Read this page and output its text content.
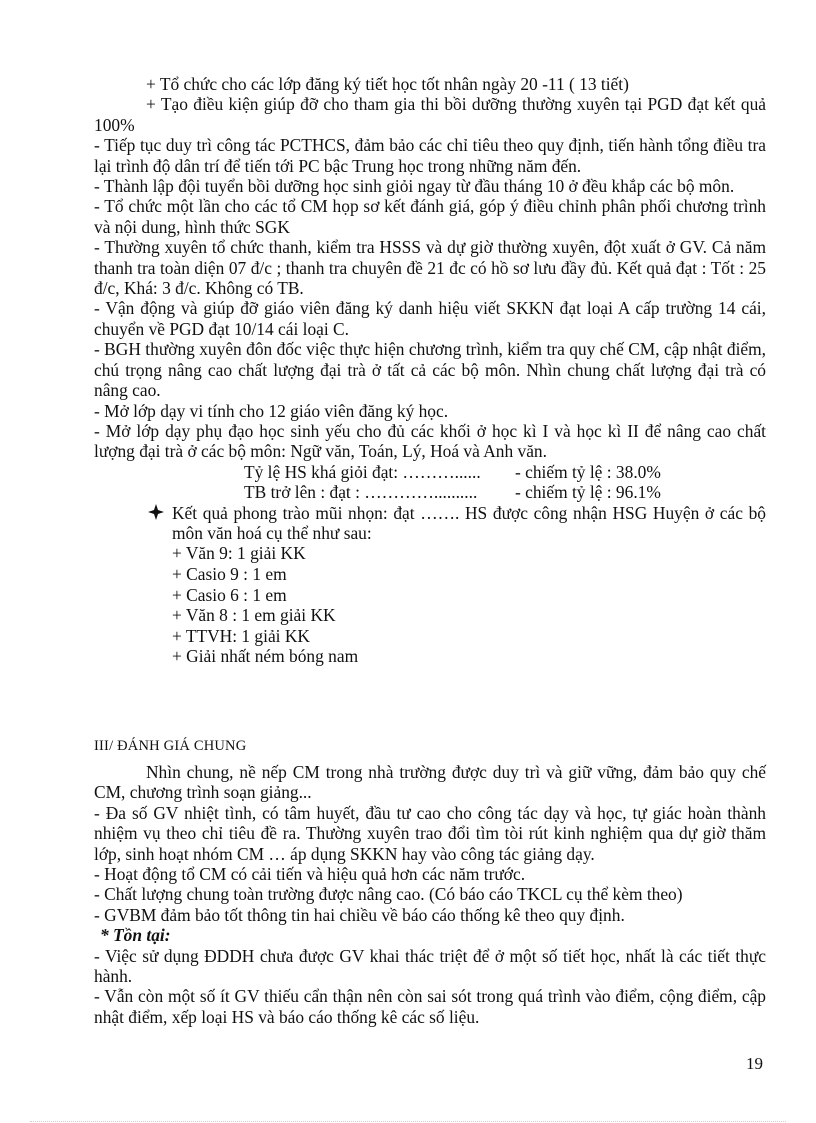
+ Tổ chức cho các lớp đăng ký tiết học tốt nhân ngày 20 -11 ( 13 tiết)

+ Tạo điều kiện giúp đỡ cho tham gia thi bồi dưỡng thường xuyên tại PGD đạt kết quả 100%

- Tiếp tục duy trì công tác PCTHCS, đảm bảo các chỉ tiêu theo quy định, tiến hành tổng điều tra lại trình độ dân trí để tiến tới PC bậc Trung học trong những năm đến.

- Thành lập đội tuyển bồi dưỡng học sinh giỏi ngay từ đầu tháng 10 ở đều khắp các bộ môn.

- Tổ chức một lần cho các tổ CM họp sơ kết đánh giá, góp ý điều chỉnh phân phối chương trình và nội dung, hình thức SGK

- Thường xuyên tổ chức thanh, kiểm tra HSSS và dự giờ thường xuyên, đột xuất ở GV. Cả năm thanh tra toàn diện 07 đ/c ; thanh tra chuyên đề 21 đc có hồ sơ lưu đầy đủ. Kết quả đạt : Tốt : 25 đ/c, Khá: 3 đ/c. Không có TB.

- Vận động và giúp đỡ giáo viên đăng ký danh hiệu viết SKKN đạt loại A cấp trường 14 cái, chuyển về PGD đạt 10/14 cái loại C.

- BGH thường xuyên đôn đốc việc thực hiện chương trình, kiểm tra quy chế CM, cập nhật điểm, chú trọng nâng cao chất lượng đại trà ở tất cả các bộ môn. Nhìn chung chất lượng đại trà có nâng cao.

- Mở lớp dạy vi tính cho 12 giáo viên đăng ký học.

- Mở lớp dạy phụ đạo học sinh yếu cho đủ các khối ở học kì I và học kì II để nâng cao chất lượng đại trà ở các bộ môn: Ngữ văn, Toán, Lý, Hoá và Anh văn.

Tỷ lệ HS khá giỏi đạt: ………...... - chiếm tỷ lệ : 38.0%
TB trở lên : đạt : ………….......... - chiếm tỷ lệ : 96.1%

Kết quả phong trào mũi nhọn: đạt ……. HS được công nhận HSG Huyện ở các bộ môn văn hoá cụ thể như sau:

+ Văn 9: 1 giải KK
+ Casio 9 : 1 em
+ Casio 6 : 1 em
+ Văn 8 : 1 em giải KK
+ TTVH: 1 giải KK
+ Giải nhất ném bóng nam

III/ ĐÁNH GIÁ CHUNG

Nhìn chung, nề nếp CM trong nhà trường được duy trì và giữ vững, đảm bảo quy chế CM, chương trình soạn giảng...

- Đa số GV nhiệt tình, có tâm huyết, đầu tư cao cho công tác dạy và học, tự giác hoàn thành nhiệm vụ theo chỉ tiêu đề ra. Thường xuyên trao đổi tìm tòi rút kinh nghiệm qua dự giờ thăm lớp, sinh hoạt nhóm CM … áp dụng SKKN hay vào công tác giảng dạy.

- Hoạt động tổ CM có cải tiến và hiệu quả hơn các năm trước.

- Chất lượng chung toàn trường được nâng cao. (Có báo cáo TKCL cụ thể kèm theo)

- GVBM đảm bảo tốt thông tin hai chiều về báo cáo thống kê theo quy định.

* Tồn tại:

- Việc sử dụng ĐDDH chưa được GV khai thác triệt để ở một số tiết học, nhất là các tiết thực hành.

- Vẫn còn một số ít GV thiếu cẩn thận nên còn sai sót trong quá trình vào điểm, cộng điểm, cập nhật điểm, xếp loại HS và báo cáo thống kê các số liệu.

19
